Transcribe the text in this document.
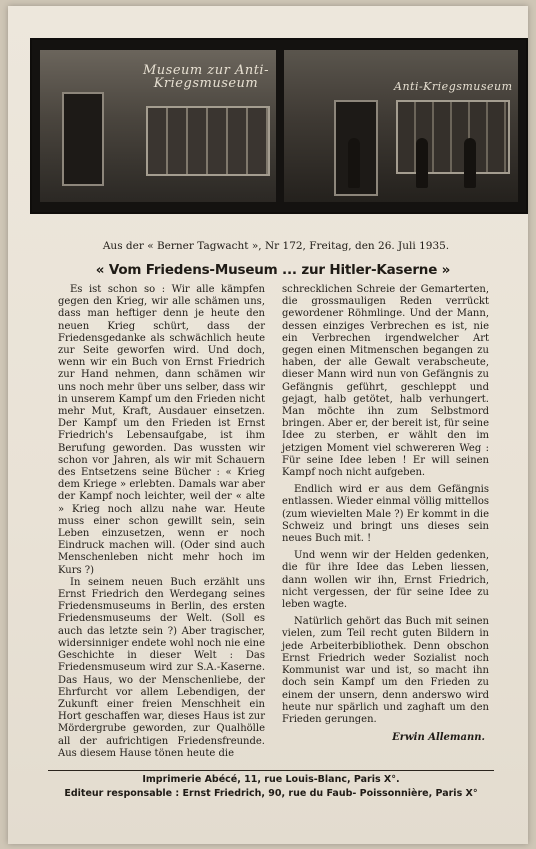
Museum zur Anti-Kriegsmuseum	Anti-Kriegsmuseum
Aus der « Berner Tagwacht », Nr 172, Freitag, den 26. Juli 1935.
« Vom Friedens-Museum ... zur Hitler-Kaserne »

Es ist schon so : Wir alle kämpfen gegen den Krieg, wir alle schämen uns, dass man heftiger denn je heute den neuen Krieg schürt, dass der Friedensgedanke als schwächlich heute zur Seite geworfen wird. Und doch, wenn wir ein Buch von Ernst Friedrich zur Hand nehmen, dann schämen wir uns noch mehr über uns selber, dass wir in unserem Kampf um den Frieden nicht mehr Mut, Kraft, Ausdauer einsetzen. Der Kampf um den Frieden ist Ernst Friedrich's Lebensaufgabe, ist ihm Berufung geworden. Das wussten wir schon vor Jahren, als wir mit Schauern des Entsetzens seine Bücher : « Krieg dem Kriege » erlebten. Damals war aber der Kampf noch leichter, weil der « alte » Krieg noch allzu nahe war. Heute muss einer schon gewillt sein, sein Leben einzusetzen, wenn er noch Eindruck machen will. (Oder sind auch Menschenleben nicht mehr hoch im Kurs ?)

In seinem neuen Buch erzählt uns Ernst Friedrich den Werdegang seines Friedensmuseums in Berlin, des ersten Friedensmuseums der Welt. (Soll es auch das letzte sein ?) Aber tragischer, widersinniger endete wohl noch nie eine Geschichte in dieser Welt : Das Friedensmuseum wird zur S.A.-Kaserne. Das Haus, wo der Menschenliebe, der Ehrfurcht vor allem Lebendigen, der Zukunft einer freien Menschheit ein Hort geschaffen war, dieses Haus ist zur Mördergrube geworden, zur Qualhölle all der aufrichtigen Friedensfreunde. Aus diesem Hause tönen heute die

schrecklichen Schreie der Gemarterten, die grossmauligen Reden verrückt gewordener Röhmlinge. Und der Mann, dessen einziges Verbrechen es ist, nie ein Verbrechen irgendwelcher Art gegen einen Mitmenschen begangen zu haben, der alle Gewalt verabscheute, dieser Mann wird nun von Gefängnis zu Gefängnis geführt, geschleppt und gejagt, halb getötet, halb verhungert. Man möchte ihn zum Selbstmord bringen. Aber er, der bereit ist, für seine Idee zu sterben, er wählt den im jetzigen Moment viel schwereren Weg : Für seine Idee leben ! Er will seinen Kampf noch nicht aufgeben.

Endlich wird er aus dem Gefängnis entlassen. Wieder einmal völlig mittellos (zum wievielten Male ?) Er kommt in die Schweiz und bringt uns dieses sein neues Buch mit. !

Und wenn wir der Helden gedenken, die für ihre Idee das Leben liessen, dann wollen wir ihn, Ernst Friedrich, nicht vergessen, der für seine Idee zu leben wagte.

Natürlich gehört das Buch mit seinen vielen, zum Teil recht guten Bildern in jede Arbeiterbibliothek. Denn obschon Ernst Friedrich weder Sozialist noch Kommunist war und ist, so macht ihn doch sein Kampf um den Frieden zu einem der unsern, denn anderswo wird heute nur spärlich und zaghaft um den Frieden gerungen.

Erwin Allemann.
Imprimerie Abécé, 11, rue Louis-Blanc, Paris X°.
Editeur responsable : Ernst Friedrich, 90, rue du Faub- Poissonnière, Paris X°
